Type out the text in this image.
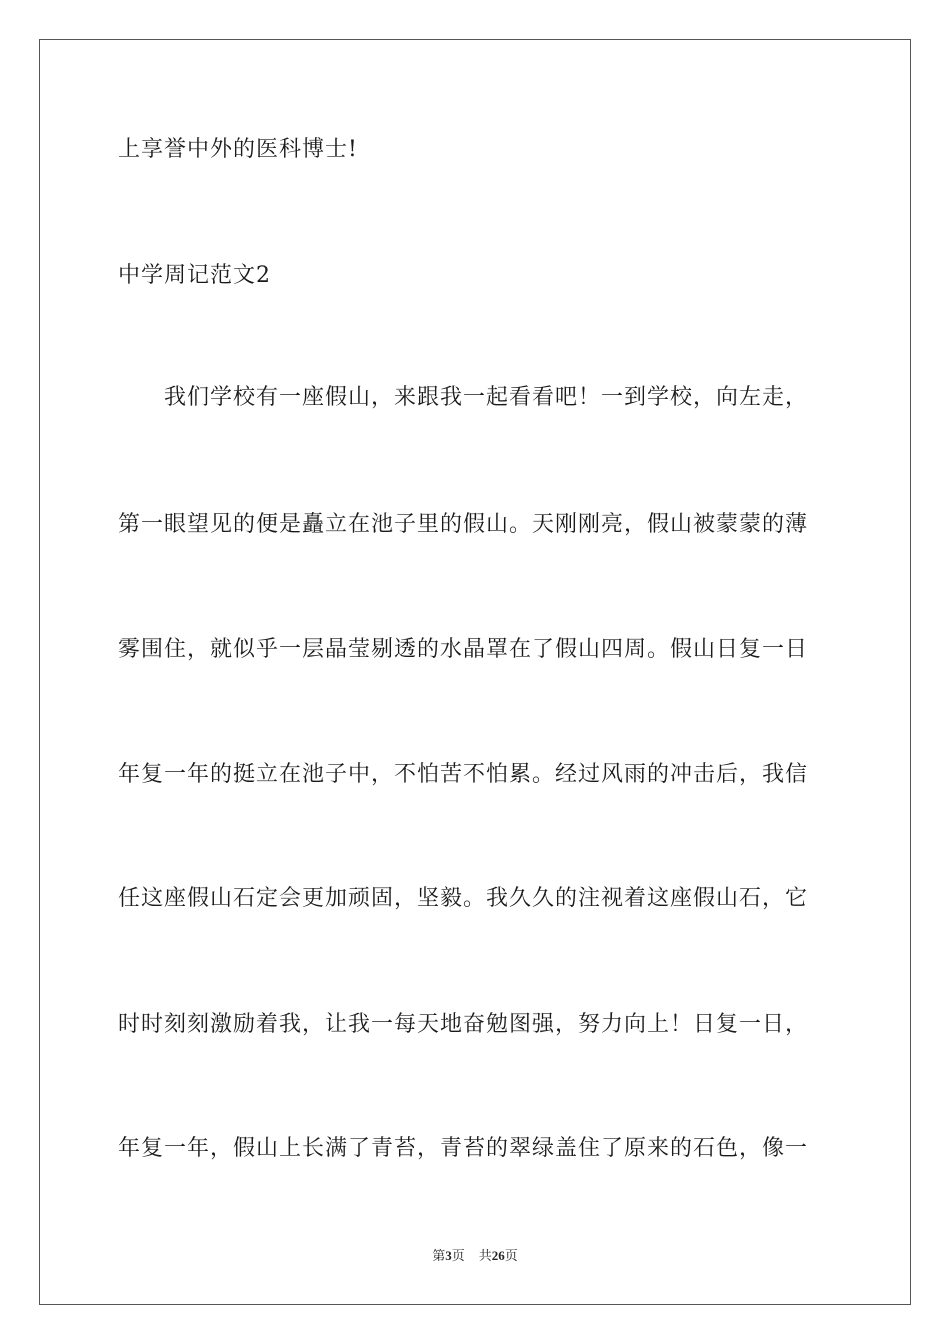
上享誉中外的医科博士!
中学周记范文2
我们学校有一座假山，来跟我一起看看吧！一到学校，向左走，
第一眼望见的便是矗立在池子里的假山。天刚刚亮，假山被蒙蒙的薄
雾围住，就似乎一层晶莹剔透的水晶罩在了假山四周。假山日复一日
年复一年的挺立在池子中，不怕苦不怕累。经过风雨的冲击后，我信
任这座假山石定会更加顽固，坚毅。我久久的注视着这座假山石，它
时时刻刻激励着我，让我一每天地奋勉图强，努力向上！日复一日，
年复一年，假山上长满了青苔，青苔的翠绿盖住了原来的石色，像一
第3页 共26页
